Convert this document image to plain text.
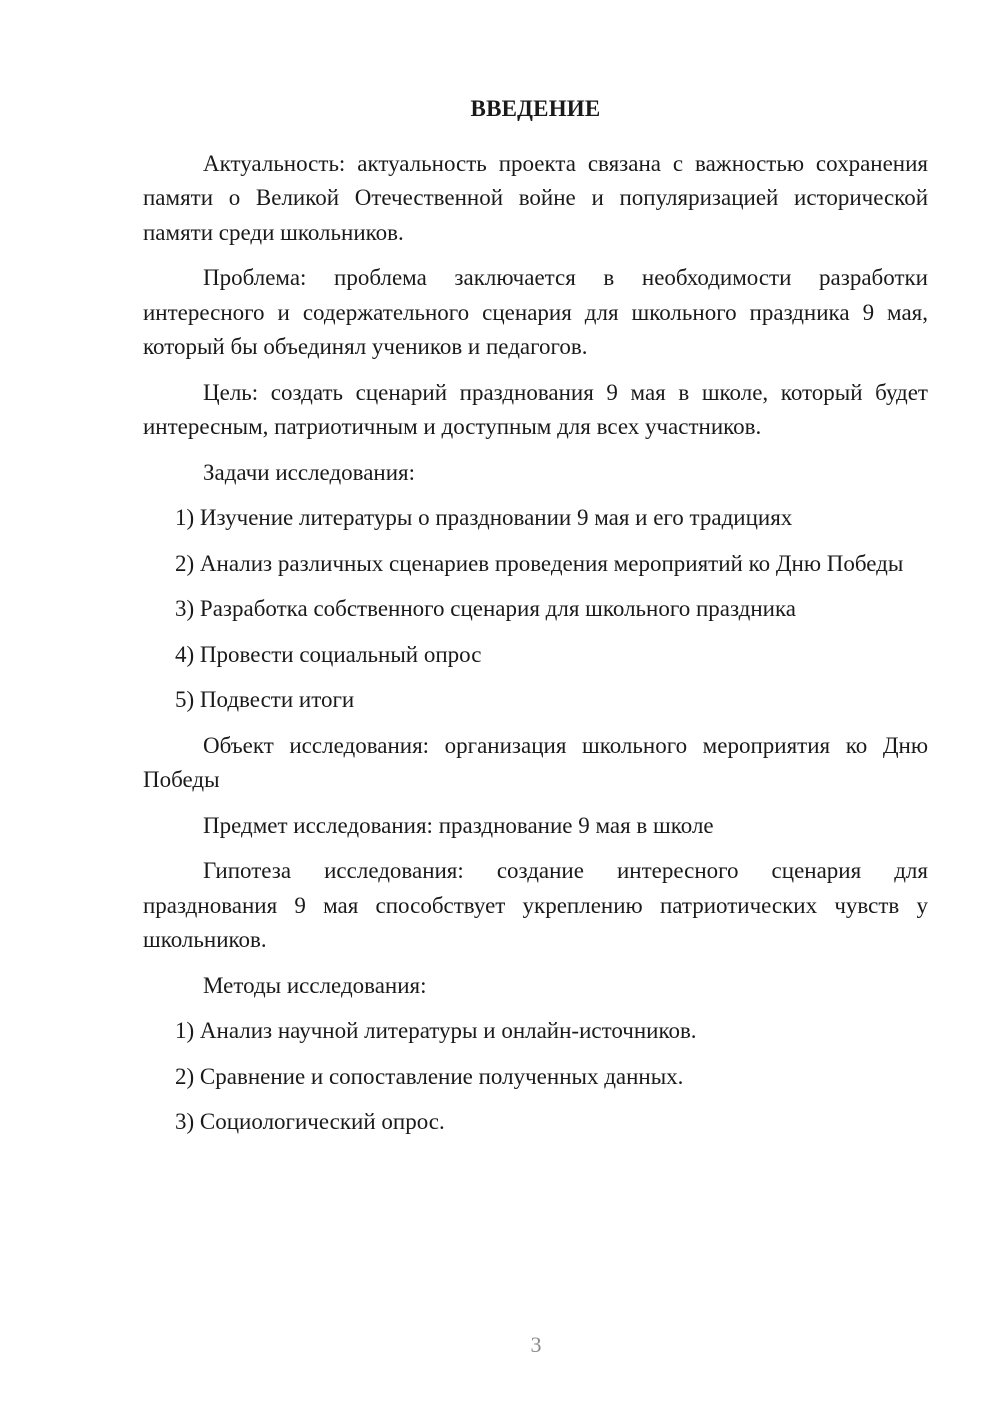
ВВЕДЕНИЕ

Актуальность: актуальность проекта связана с важностью сохранения памяти о Великой Отечественной войне и популяризацией исторической памяти среди школьников.

Проблема: проблема заключается в необходимости разработки интересного и содержательного сценария для школьного праздника 9 мая, который бы объединял учеников и педагогов.

Цель: создать сценарий празднования 9 мая в школе, который будет интересным, патриотичным и доступным для всех участников.

Задачи исследования:

1) Изучение литературы о праздновании 9 мая и его традициях

2) Анализ различных сценариев проведения мероприятий ко Дню Победы

3) Разработка собственного сценария для школьного праздника

4) Провести социальный опрос

5) Подвести итоги

Объект исследования: организация школьного мероприятия ко Дню Победы

Предмет исследования: празднование 9 мая в школе

Гипотеза исследования: создание интересного сценария для празднования 9 мая способствует укреплению патриотических чувств у школьников.

Методы исследования:

1) Анализ научной литературы и онлайн-источников.

2) Сравнение и сопоставление полученных данных.

3) Социологический опрос.

3
